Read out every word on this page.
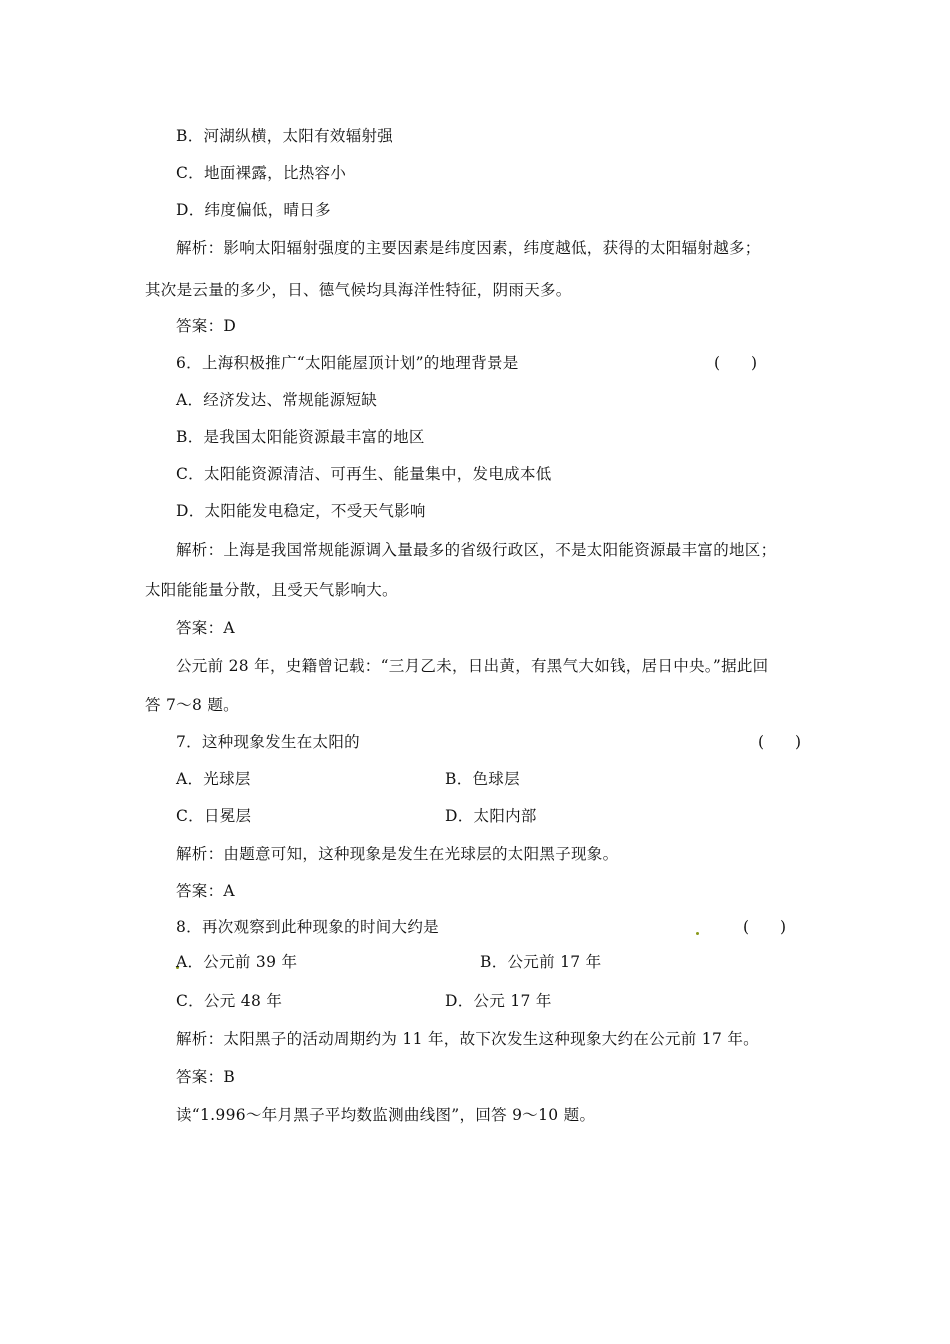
B．河湖纵横，太阳有效辐射强
C．地面裸露，比热容小
D．纬度偏低，晴日多
解析：影响太阳辐射强度的主要因素是纬度因素，纬度越低，获得的太阳辐射越多；
其次是云量的多少，日、德气候均具海洋性特征，阴雨天多。
答案：D
6．上海积极推广“太阳能屋顶计划”的地理背景是	(　　)
A．经济发达、常规能源短缺
B．是我国太阳能资源最丰富的地区
C．太阳能资源清洁、可再生、能量集中，发电成本低
D．太阳能发电稳定，不受天气影响
解析：上海是我国常规能源调入量最多的省级行政区，不是太阳能资源最丰富的地区；
太阳能能量分散，且受天气影响大。
答案：A
公元前 28 年，史籍曾记载：“三月乙未，日出黄，有黑气大如钱，居日中央。”据此回
答 7～8 题。
7．这种现象发生在太阳的	(　　)
A．光球层	B．色球层
C．日冕层	D．太阳内部
解析：由题意可知，这种现象是发生在光球层的太阳黑子现象。
答案：A
8．再次观察到此种现象的时间大约是	(　　)
A．公元前 39 年	B．公元前 17 年
C．公元 48 年	D．公元 17 年
解析：太阳黑子的活动周期约为 11 年，故下次发生这种现象大约在公元前 17 年。
答案：B
读“1.996～年月黑子平均数监测曲线图”，回答 9～10 题。
